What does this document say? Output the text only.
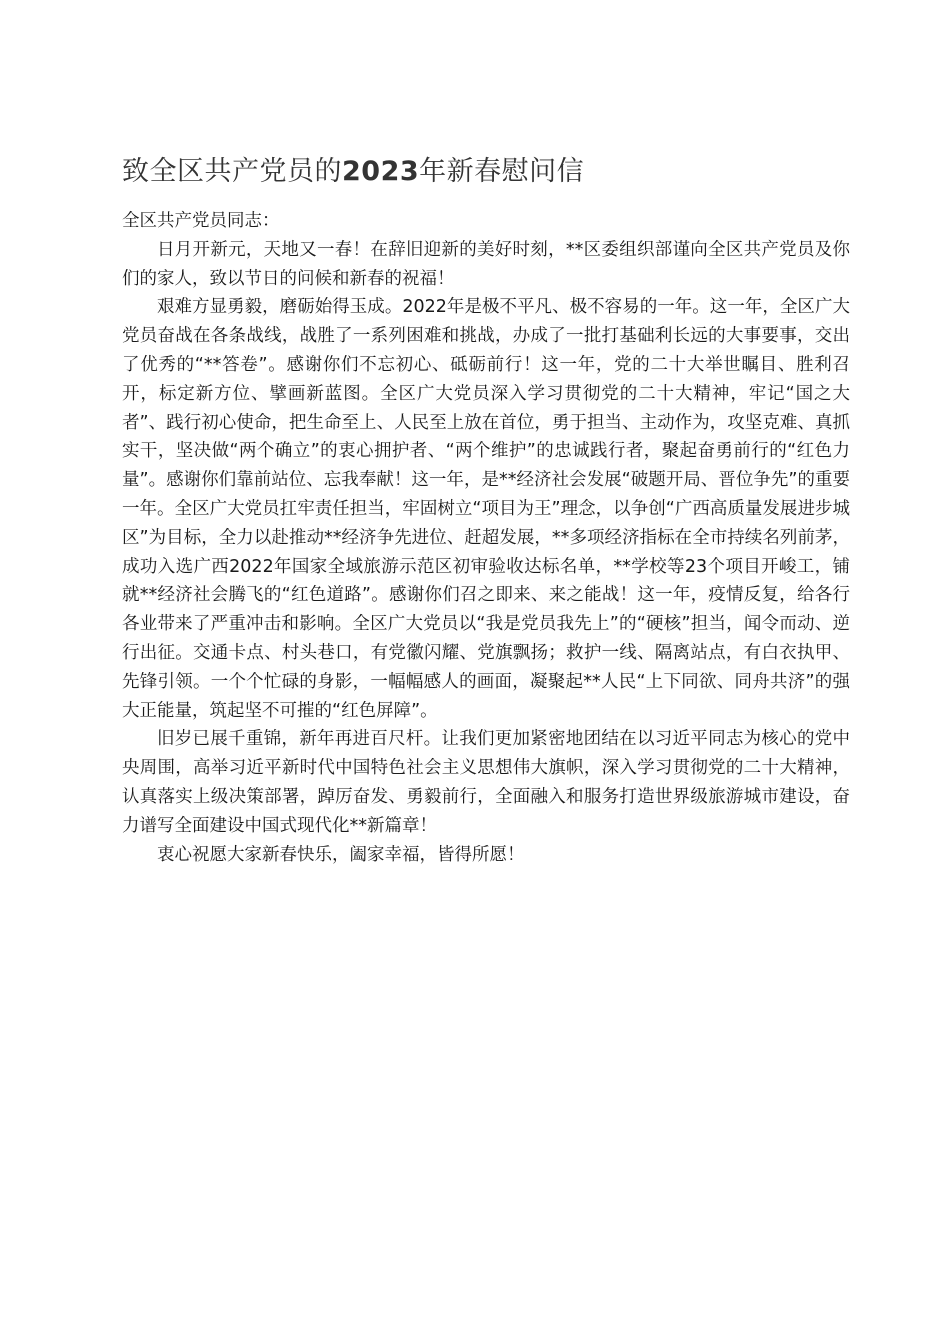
致全区共产党员的2023年新春慰问信

全区共产党员同志：

日月开新元，天地又一春！在辞旧迎新的美好时刻，**区委组织部谨向全区共产党员及你们的家人，致以节日的问候和新春的祝福！

艰难方显勇毅，磨砺始得玉成。2022年是极不平凡、极不容易的一年。这一年，全区广大党员奋战在各条战线，战胜了一系列困难和挑战，办成了一批打基础利长远的大事要事，交出了优秀的“**答卷”。感谢你们不忘初心、砥砺前行！这一年，党的二十大举世瞩目、胜利召开，标定新方位、擘画新蓝图。全区广大党员深入学习贯彻党的二十大精神，牢记“国之大者”、践行初心使命，把生命至上、人民至上放在首位，勇于担当、主动作为，攻坚克难、真抓实干，坚决做“两个确立”的衷心拥护者、“两个维护”的忠诚践行者，聚起奋勇前行的“红色力量”。感谢你们靠前站位、忘我奉献！这一年，是**经济社会发展“破题开局、晋位争先”的重要一年。全区广大党员扛牢责任担当，牢固树立“项目为王”理念，以争创“广西高质量发展进步城区”为目标，全力以赴推动**经济争先进位、赶超发展，**多项经济指标在全市持续名列前茅，成功入选广西2022年国家全域旅游示范区初审验收达标名单，**学校等23个项目开峻工，铺就**经济社会腾飞的“红色道路”。感谢你们召之即来、来之能战！这一年，疫情反复，给各行各业带来了严重冲击和影响。全区广大党员以“我是党员我先上”的“硬核”担当，闻令而动、逆行出征。交通卡点、村头巷口，有党徽闪耀、党旗飘扬；救护一线、隔离站点，有白衣执甲、先锋引领。一个个忙碌的身影，一幅幅感人的画面，凝聚起**人民“上下同欲、同舟共济”的强大正能量，筑起坚不可摧的“红色屏障”。

旧岁已展千重锦，新年再进百尺杆。让我们更加紧密地团结在以习近平同志为核心的党中央周围，高举习近平新时代中国特色社会主义思想伟大旗帜，深入学习贯彻党的二十大精神，认真落实上级决策部署，踔厉奋发、勇毅前行，全面融入和服务打造世界级旅游城市建设，奋力谱写全面建设中国式现代化**新篇章！

衷心祝愿大家新春快乐，阖家幸福，皆得所愿！
